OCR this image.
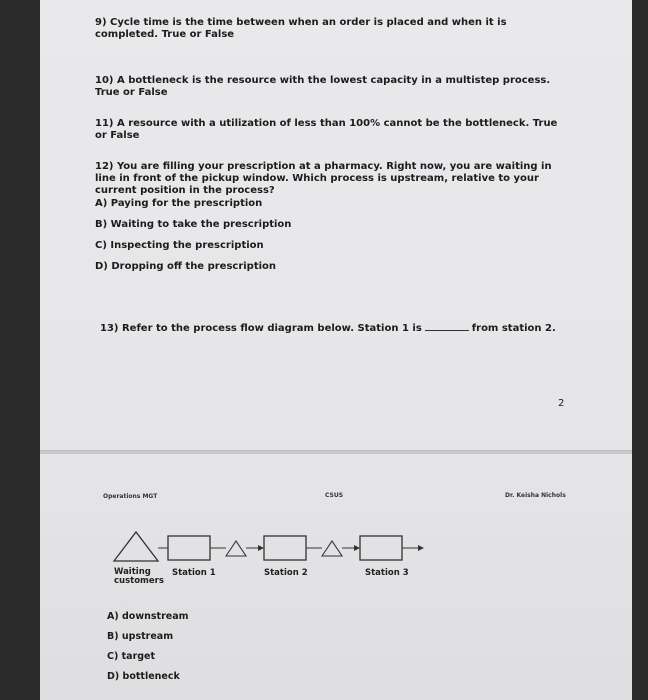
9) Cycle time is the time between when an order is placed and when it is completed. True or False
10) A bottleneck is the resource with the lowest capacity in a multistep process. True or False
11) A resource with a utilization of less than 100% cannot be the bottleneck. True or False
12) You are filling your prescription at a pharmacy. Right now, you are waiting in line in front of the pickup window. Which process is upstream, relative to your current position in the process?
A) Paying for the prescription
B) Waiting to take the prescription
C) Inspecting the prescription
D) Dropping off the prescription
13) Refer to the process flow diagram below. Station 1 is	from station 2.
2
Operations MGT	CSUS	Dr. Keisha Nichols
Waiting customers
Station 1	Station 2	Station 3
A) downstream
B) upstream
C) target
D) bottleneck
